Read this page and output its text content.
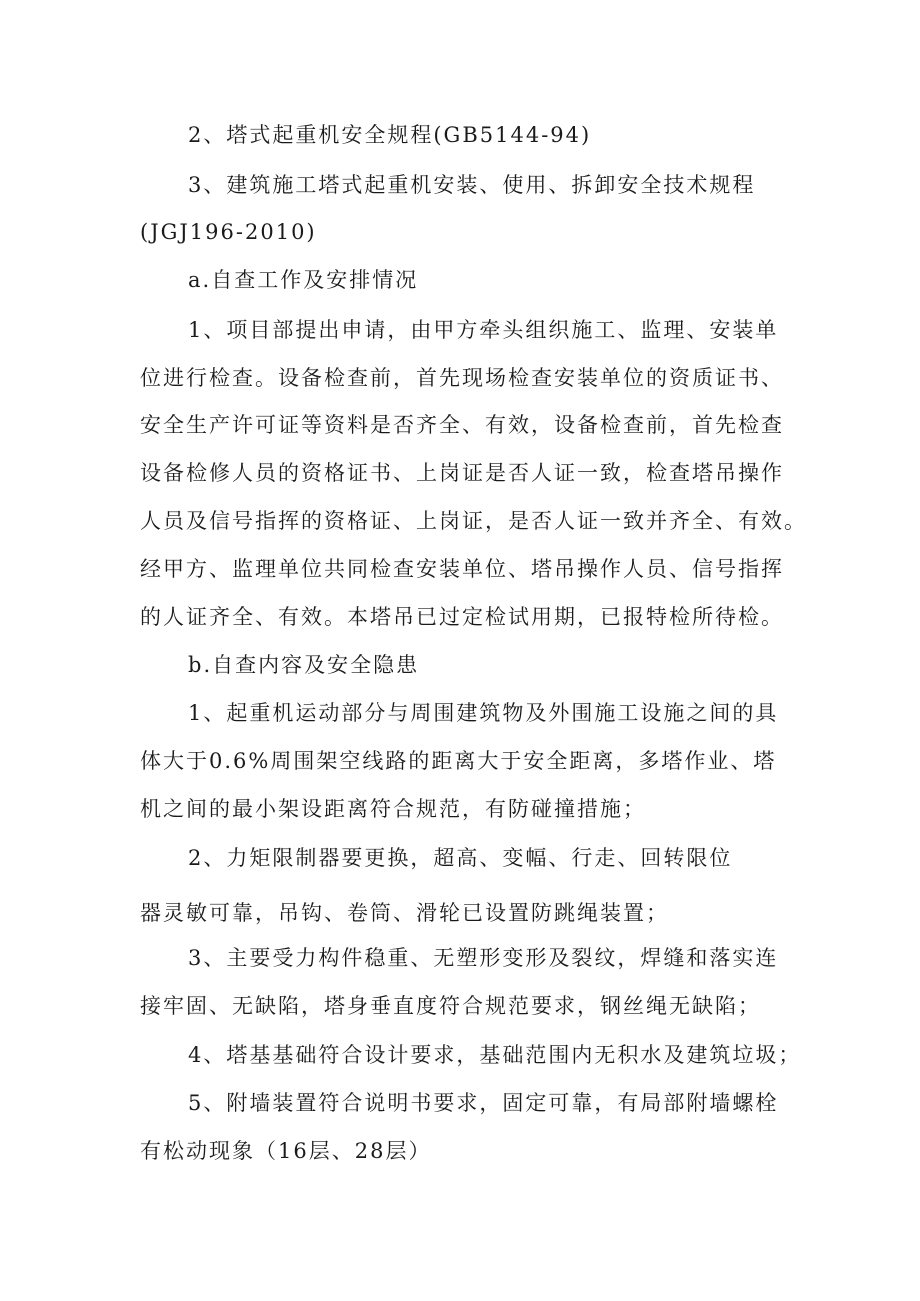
2、塔式起重机安全规程(GB5144-94)
3、建筑施工塔式起重机安装、使用、拆卸安全技术规程
(JGJ196-2010)
a.自查工作及安排情况
1、项目部提出申请，由甲方牵头组织施工、监理、安装单
位进行检查。设备检查前，首先现场检查安装单位的资质证书、
安全生产许可证等资料是否齐全、有效，设备检查前，首先检查
设备检修人员的资格证书、上岗证是否人证一致，检查塔吊操作
人员及信号指挥的资格证、上岗证，是否人证一致并齐全、有效。
经甲方、监理单位共同检查安装单位、塔吊操作人员、信号指挥
的人证齐全、有效。本塔吊已过定检试用期，已报特检所待检。
b.自查内容及安全隐患
1、起重机运动部分与周围建筑物及外围施工设施之间的具
体大于0.6%周围架空线路的距离大于安全距离，多塔作业、塔
机之间的最小架设距离符合规范，有防碰撞措施；
2、力矩限制器要更换，超高、变幅、行走、回转限位
器灵敏可靠，吊钩、卷筒、滑轮已设置防跳绳装置；
3、主要受力构件稳重、无塑形变形及裂纹，焊缝和落实连
接牢固、无缺陷，塔身垂直度符合规范要求，钢丝绳无缺陷；
4、塔基基础符合设计要求，基础范围内无积水及建筑垃圾；
5、附墙装置符合说明书要求，固定可靠，有局部附墙螺栓
有松动现象（16层、28层）
